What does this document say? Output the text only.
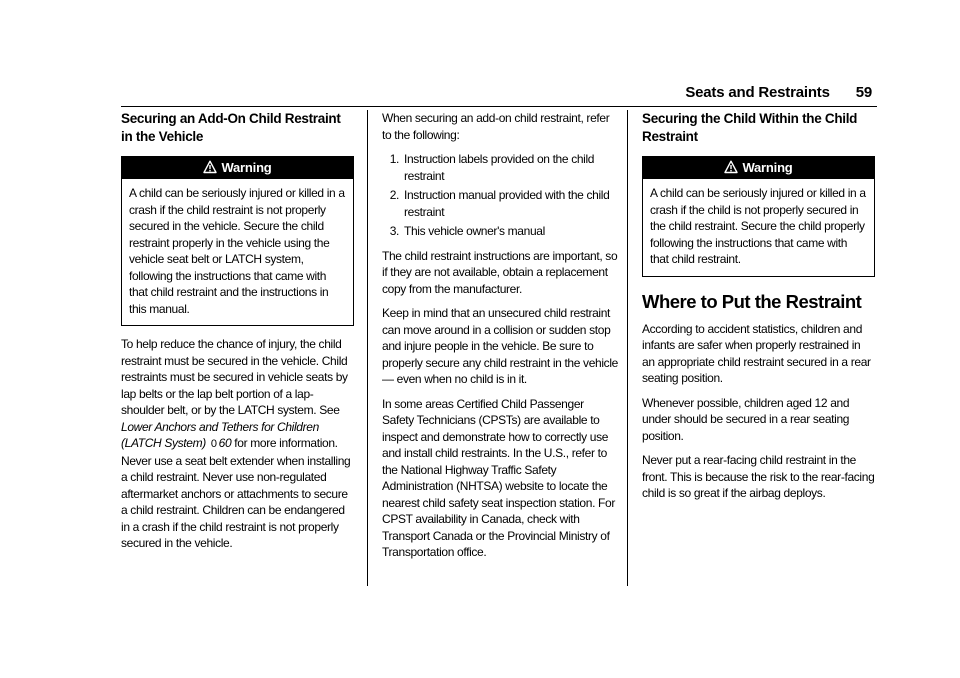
Seats and Restraints 59
Securing an Add-On Child Restraint in the Vehicle
Warning
A child can be seriously injured or killed in a crash if the child restraint is not properly secured in the vehicle. Secure the child restraint properly in the vehicle using the vehicle seat belt or LATCH system, following the instructions that came with that child restraint and the instructions in this manual.

To help reduce the chance of injury, the child restraint must be secured in the vehicle. Child restraints must be secured in vehicle seats by lap belts or the lap belt portion of a lap-shoulder belt, or by the LATCH system. See Lower Anchors and Tethers for Children (LATCH System) 0 60 for more information. Never use a seat belt extender when installing a child restraint. Never use non-regulated aftermarket anchors or attachments to secure a child restraint. Children can be endangered in a crash if the child restraint is not properly secured in the vehicle.

When securing an add-on child restraint, refer to the following:

1. Instruction labels provided on the child restraint
2. Instruction manual provided with the child restraint
3. This vehicle owner's manual

The child restraint instructions are important, so if they are not available, obtain a replacement copy from the manufacturer.

Keep in mind that an unsecured child restraint can move around in a collision or sudden stop and injure people in the vehicle. Be sure to properly secure any child restraint in the vehicle — even when no child is in it.

In some areas Certified Child Passenger Safety Technicians (CPSTs) are available to inspect and demonstrate how to correctly use and install child restraints. In the U.S., refer to the National Highway Traffic Safety Administration (NHTSA) website to locate the nearest child safety seat inspection station. For CPST availability in Canada, check with Transport Canada or the Provincial Ministry of Transportation office.

Securing the Child Within the Child Restraint
Warning
A child can be seriously injured or killed in a crash if the child is not properly secured in the child restraint. Secure the child properly following the instructions that came with that child restraint.
Where to Put the Restraint

According to accident statistics, children and infants are safer when properly restrained in an appropriate child restraint secured in a rear seating position.

Whenever possible, children aged 12 and under should be secured in a rear seating position.

Never put a rear-facing child restraint in the front. This is because the risk to the rear-facing child is so great if the airbag deploys.
